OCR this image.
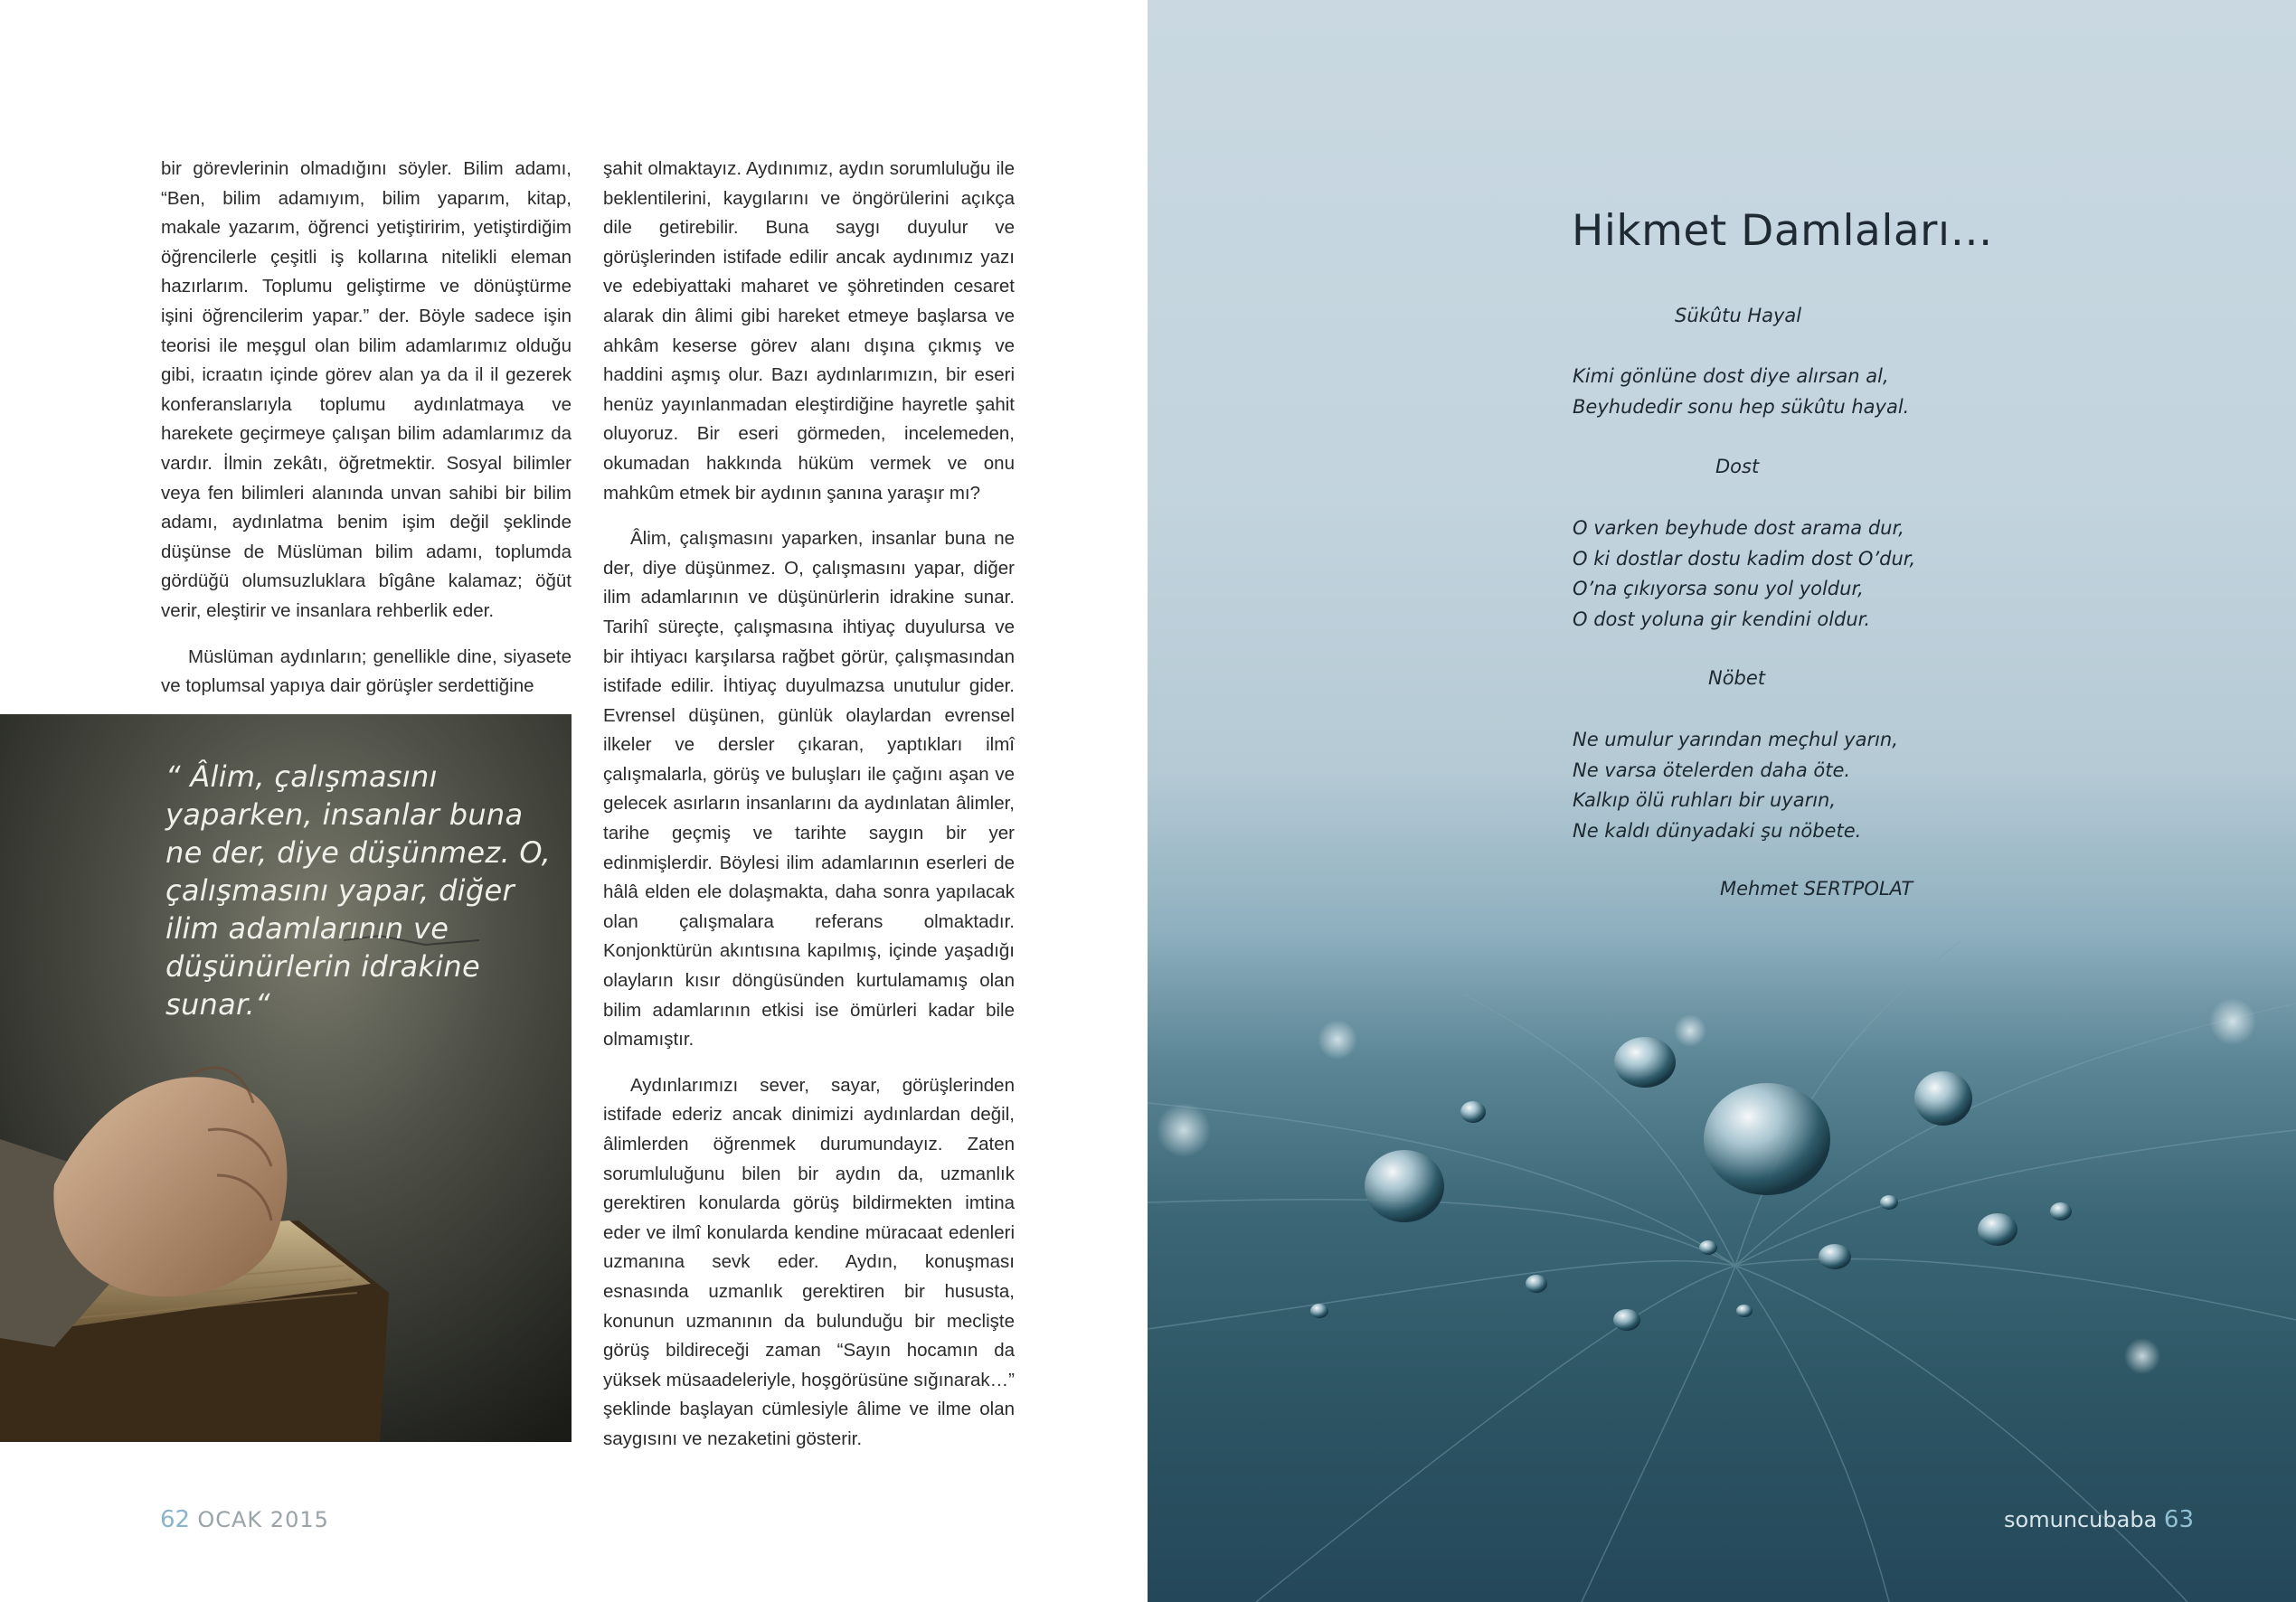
bir görevlerinin olmadığını söyler. Bilim adamı, “Ben, bilim adamıyım, bilim yaparım, kitap, makale yazarım, öğrenci yetiştiririm, yetiştirdiğim öğrencilerle çeşitli iş kollarına nitelikli eleman hazırlarım. Toplumu geliştirme ve dönüştürme işini öğrencilerim yapar.” der. Böyle sadece işin teorisi ile meşgul olan bilim adamlarımız olduğu gibi, icraatın içinde görev alan ya da il il gezerek konferanslarıyla toplumu aydınlatmaya ve harekete geçirmeye çalışan bilim adamlarımız da vardır. İlmin zekâtı, öğretmektir. Sosyal bilimler veya fen bilimleri alanında unvan sahibi bir bilim adamı, aydınlatma benim işim değil şeklinde düşünse de Müslüman bilim adamı, toplumda gördüğü olumsuzluklara bîgâne kalamaz; öğüt verir, eleştirir ve insanlara rehberlik eder.

Müslüman aydınların; genellikle dine, siyasete ve toplumsal yapıya dair görüşler serdettiğine

şahit olmaktayız. Aydınımız, aydın sorumluluğu ile beklentilerini, kaygılarını ve öngörülerini açıkça dile getirebilir. Buna saygı duyulur ve görüşlerinden istifade edilir ancak aydınımız yazı ve edebiyattaki maharet ve şöhretinden cesaret alarak din âlimi gibi hareket etmeye başlarsa ve ahkâm keserse görev alanı dışına çıkmış ve haddini aşmış olur. Bazı aydınlarımızın, bir eseri henüz yayınlanmadan eleştirdiğine hayretle şahit oluyoruz. Bir eseri görmeden, incelemeden, okumadan hakkında hüküm vermek ve onu mahkûm etmek bir aydının şanına yaraşır mı?

Âlim, çalışmasını yaparken, insanlar buna ne der, diye düşünmez. O, çalışmasını yapar, diğer ilim adamlarının ve düşünürlerin idrakine sunar. Tarihî süreçte, çalışmasına ihtiyaç duyulursa ve bir ihtiyacı karşılarsa rağbet görür, çalışmasından istifade edilir. İhtiyaç duyulmazsa unutulur gider. Evrensel düşünen, günlük olaylardan evrensel ilkeler ve dersler çıkaran, yaptıkları ilmî çalışmalarla, görüş ve buluşları ile çağını aşan ve gelecek asırların insanlarını da aydınlatan âlimler, tarihe geçmiş ve tarihte saygın bir yer edinmişlerdir. Böylesi ilim adamlarının eserleri de hâlâ elden ele dolaşmakta, daha sonra yapılacak olan çalışmalara referans olmaktadır. Konjonktürün akıntısına kapılmış, içinde yaşadığı olayların kısır döngüsünden kurtulamamış olan bilim adamlarının etkisi ise ömürleri kadar bile olmamıştır.

Aydınlarımızı sever, sayar, görüşlerinden istifade ederiz ancak dinimizi aydınlardan değil, âlimlerden öğrenmek durumundayız. Zaten sorumluluğunu bilen bir aydın da, uzmanlık gerektiren konularda görüş bildirmekten imtina eder ve ilmî konularda kendine müracaat edenleri uzmanına sevk eder. Aydın, konuşması esnasında uzmanlık gerektiren bir hususta, konunun uzmanının da bulunduğu bir meclişte görüş bildireceği zaman “Sayın hocamın da yüksek müsaadeleriyle, hoşgörüsüne sığınarak…” şeklinde başlayan cümlesiyle âlime ve ilme olan saygısını ve nezaketini gösterir.

“ Âlim, çalışmasını yaparken, insanlar buna ne der, diye düşünmez. O, çalışmasını yapar, diğer ilim adamlarının ve düşünürlerin idrakine sunar.“
62 OCAK 2015
Hikmet Damlaları…
Sükûtu Hayal
Kimi gönlüne dost diye alırsan al,
Beyhudedir sonu hep sükûtu hayal.
Dost
O varken beyhude dost arama dur,
O ki dostlar dostu kadim dost O’dur,
O’na çıkıyorsa sonu yol yoldur,
O dost yoluna gir kendini oldur.
Nöbet
Ne umulur yarından meçhul yarın,
Ne varsa ötelerden daha öte.
Kalkıp ölü ruhları bir uyarın,
Ne kaldı dünyadaki şu nöbete.
Mehmet SERTPOLAT
somuncubaba 63
